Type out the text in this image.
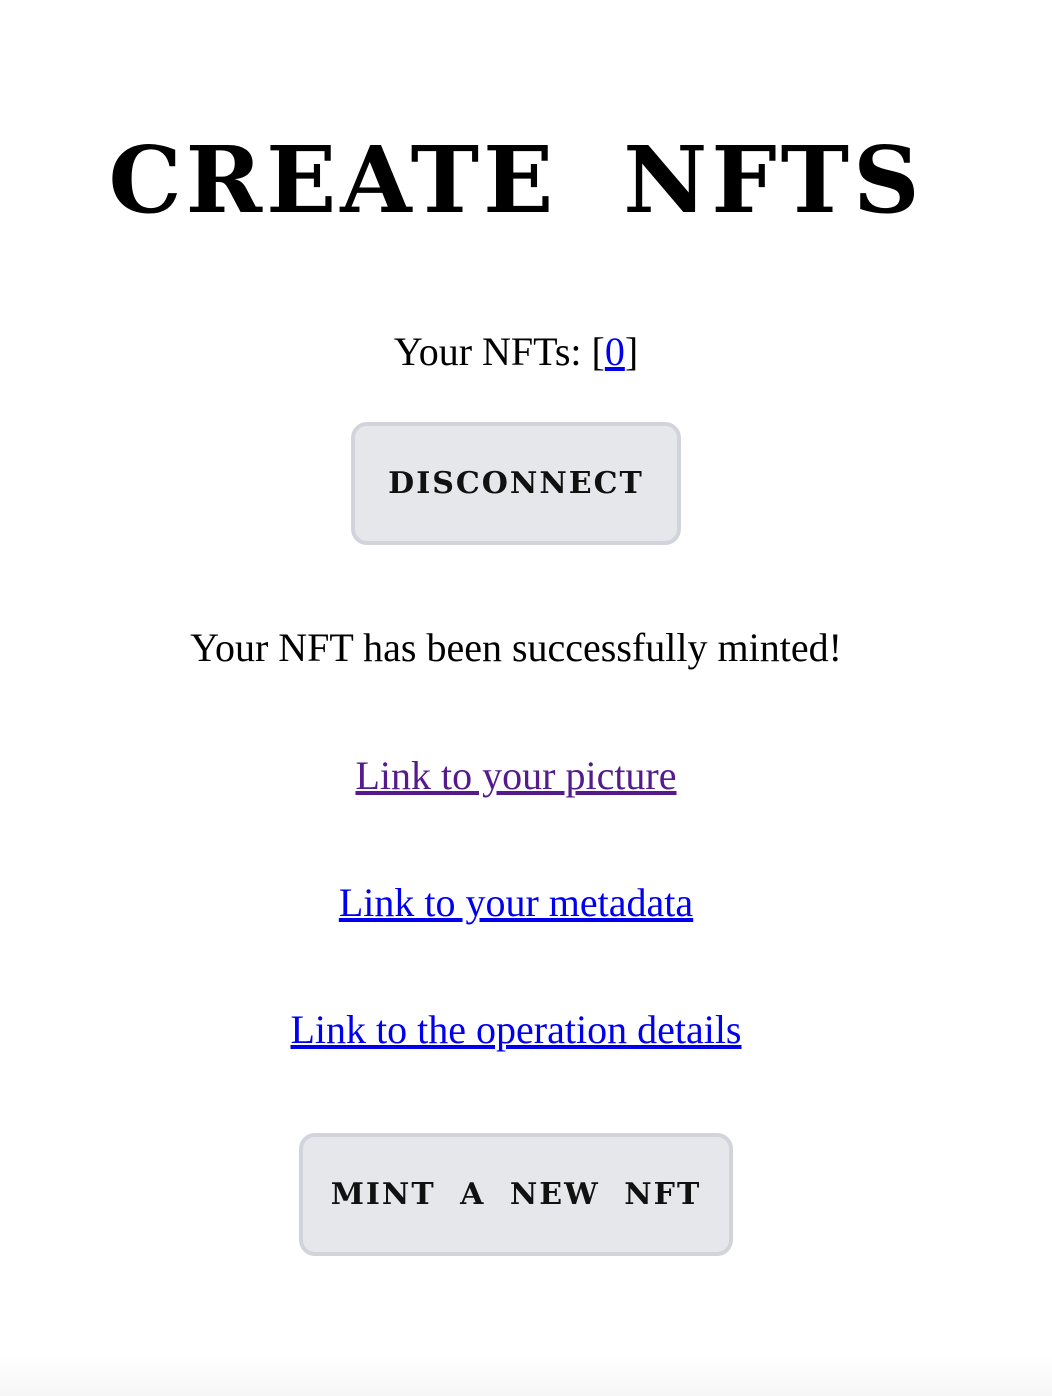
CREATE NFTS
Your NFTs: [0]
DISCONNECT
Your NFT has been successfully minted!
Link to your picture
Link to your metadata
Link to the operation details
MINT A NEW NFT
